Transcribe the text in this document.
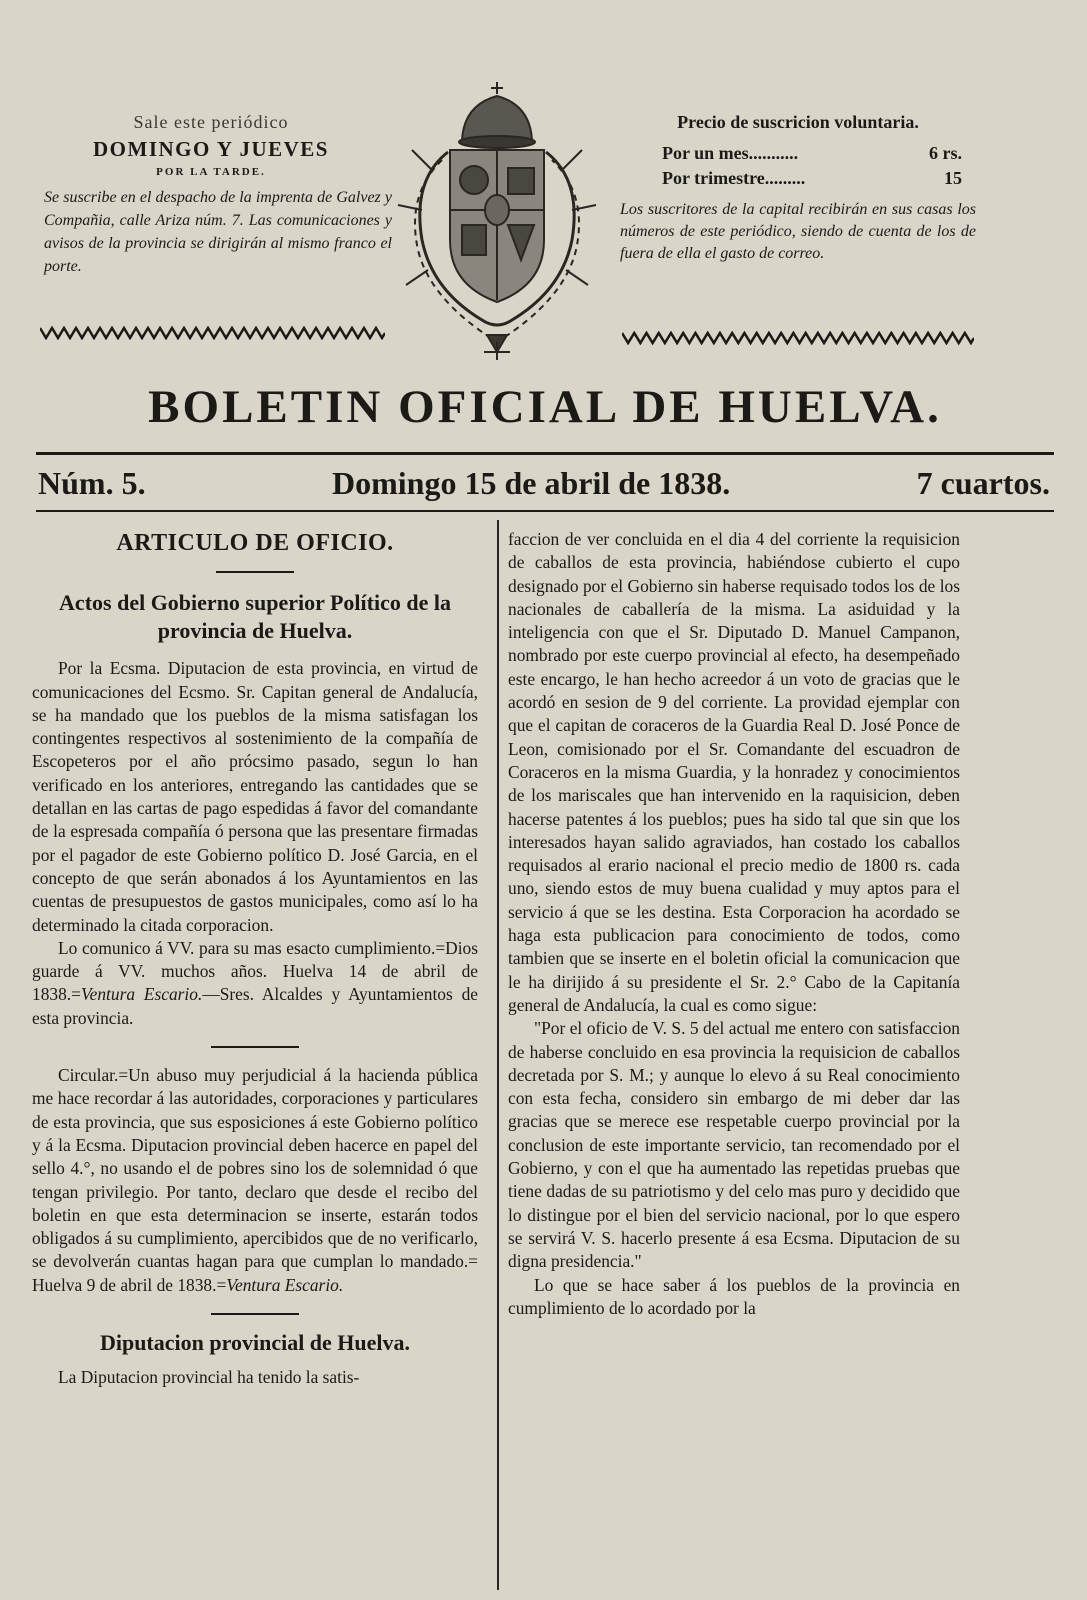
Sale este periódico
DOMINGO Y JUEVES
POR LA TARDE.
Se suscribe en el despacho de la imprenta de Galvez y Compañia, calle Ariza núm. 7. Las comunicaciones y avisos de la provincia se dirigirán al mismo franco el porte.
Precio de suscricion voluntaria.
Por un mes...........	6 rs.
Por trimestre.........	15
Los suscritores de la capital recibirán en sus casas los números de este periódico, siendo de cuenta de los de fuera de ella el gasto de correo.
BOLETIN OFICIAL DE HUELVA.
Núm. 5.	Domingo 15 de abril de 1838.	7 cuartos.
ARTICULO DE OFICIO.
Actos del Gobierno superior Político de la provincia de Huelva.

Por la Ecsma. Diputacion de esta provincia, en virtud de comunicaciones del Ecsmo. Sr. Capitan general de Andalucía, se ha mandado que los pueblos de la misma satisfagan los contingentes respectivos al sostenimiento de la compañía de Escopeteros por el año prócsimo pasado, segun lo han verificado en los anteriores, entregando las cantidades que se detallan en las cartas de pago espedidas á favor del comandante de la espresada compañía ó persona que las presentare firmadas por el pagador de este Gobierno político D. José Garcia, en el concepto de que serán abonados á los Ayuntamientos en las cuentas de presupuestos de gastos municipales, como así lo ha determinado la citada corporacion.

Lo comunico á VV. para su mas esacto cumplimiento.=Dios guarde á VV. muchos años. Huelva 14 de abril de 1838.=Ventura Escario.—Sres. Alcaldes y Ayuntamientos de esta provincia.

Circular.=Un abuso muy perjudicial á la hacienda pública me hace recordar á las autoridades, corporaciones y particulares de esta provincia, que sus esposiciones á este Gobierno político y á la Ecsma. Diputacion provincial deben hacerce en papel del sello 4.°, no usando el de pobres sino los de solemnidad ó que tengan privilegio. Por tanto, declaro que desde el recibo del boletin en que esta determinacion se inserte, estarán todos obligados á su cumplimiento, apercibidos que de no verificarlo, se devolverán cuantas hagan para que cumplan lo mandado.= Huelva 9 de abril de 1838.=Ventura Escario.

Diputacion provincial de Huelva.

La Diputacion provincial ha tenido la satis-

faccion de ver concluida en el dia 4 del corriente la requisicion de caballos de esta provincia, habiéndose cubierto el cupo designado por el Gobierno sin haberse requisado todos los de los nacionales de caballería de la misma. La asiduidad y la inteligencia con que el Sr. Diputado D. Manuel Campanon, nombrado por este cuerpo provincial al efecto, ha desempeñado este encargo, le han hecho acreedor á un voto de gracias que le acordó en sesion de 9 del corriente. La providad ejemplar con que el capitan de coraceros de la Guardia Real D. José Ponce de Leon, comisionado por el Sr. Comandante del escuadron de Coraceros en la misma Guardia, y la honradez y conocimientos de los mariscales que han intervenido en la raquisicion, deben hacerse patentes á los pueblos; pues ha sido tal que sin que los interesados hayan salido agraviados, han costado los caballos requisados al erario nacional el precio medio de 1800 rs. cada uno, siendo estos de muy buena cualidad y muy aptos para el servicio á que se les destina. Esta Corporacion ha acordado se haga esta publicacion para conocimiento de todos, como tambien que se inserte en el boletin oficial la comunicacion que le ha dirijido á su presidente el Sr. 2.° Cabo de la Capitanía general de Andalucía, la cual es como sigue:

"Por el oficio de V. S. 5 del actual me entero con satisfaccion de haberse concluido en esa provincia la requisicion de caballos decretada por S. M.; y aunque lo elevo á su Real conocimiento con esta fecha, considero sin embargo de mi deber dar las gracias que se merece ese respetable cuerpo provincial por la conclusion de este importante servicio, tan recomendado por el Gobierno, y con el que ha aumentado las repetidas pruebas que tiene dadas de su patriotismo y del celo mas puro y decidido que lo distingue por el bien del servicio nacional, por lo que espero se servirá V. S. hacerlo presente á esa Ecsma. Diputacion de su digna presidencia."

Lo que se hace saber á los pueblos de la provincia en cumplimiento de lo acordado por la
